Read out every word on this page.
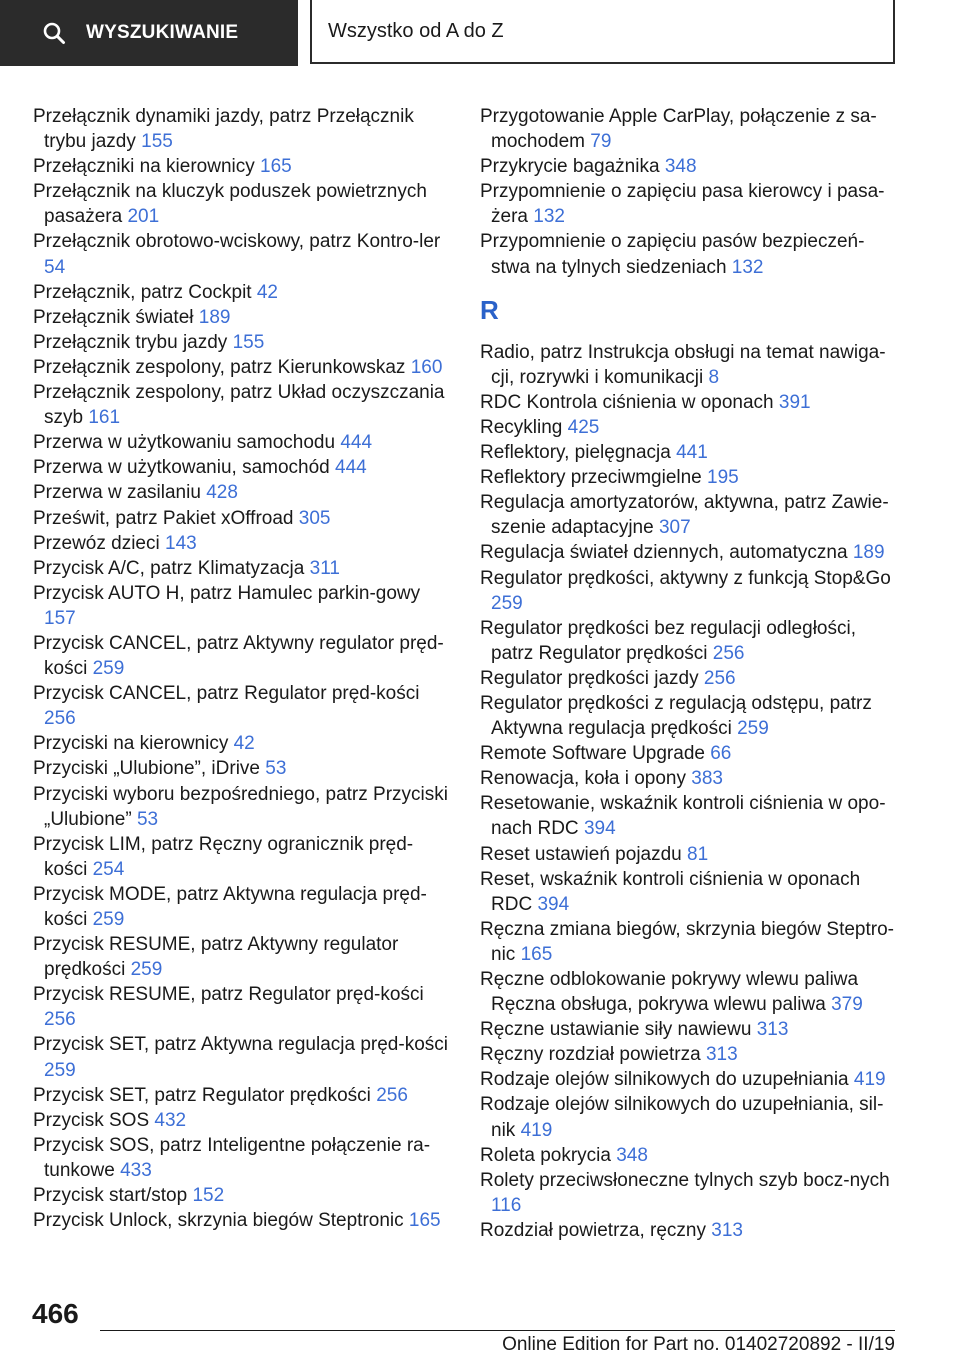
WYSZUKIWANIE	Wszystko od A do Z
Przełącznik dynamiki jazdy, patrz Przełącznik trybu jazdy 155
Przełączniki na kierownicy 165
Przełącznik na kluczyk poduszek powietrznych pasażera 201
Przełącznik obrotowo-wciskowy, patrz Kontro-ler 54
Przełącznik, patrz Cockpit 42
Przełącznik świateł 189
Przełącznik trybu jazdy 155
Przełącznik zespolony, patrz Kierunkowskaz 160
Przełącznik zespolony, patrz Układ oczyszczania szyb 161
Przerwa w użytkowaniu samochodu 444
Przerwa w użytkowaniu, samochód 444
Przerwa w zasilaniu 428
Prześwit, patrz Pakiet xOffroad 305
Przewóz dzieci 143
Przycisk A/C, patrz Klimatyzacja 311
Przycisk AUTO H, patrz Hamulec parkin-gowy 157
Przycisk CANCEL, patrz Aktywny regulator pręd-kości 259
Przycisk CANCEL, patrz Regulator pręd-kości 256
Przyciski na kierownicy 42
Przyciski „Ulubione”, iDrive 53
Przyciski wyboru bezpośredniego, patrz Przyciski „Ulubione” 53
Przycisk LIM, patrz Ręczny ogranicznik pręd-kości 254
Przycisk MODE, patrz Aktywna regulacja pręd-kości 259
Przycisk RESUME, patrz Aktywny regulator prędkości 259
Przycisk RESUME, patrz Regulator pręd-kości 256
Przycisk SET, patrz Aktywna regulacja pręd-kości 259
Przycisk SET, patrz Regulator prędkości 256
Przycisk SOS 432
Przycisk SOS, patrz Inteligentne połączenie ra-tunkowe 433
Przycisk start/stop 152
Przycisk Unlock, skrzynia biegów Steptronic 165
Przygotowanie Apple CarPlay, połączenie z sa-mochodem 79
Przykrycie bagażnika 348
Przypomnienie o zapięciu pasa kierowcy i pasa-żera 132
Przypomnienie o zapięciu pasów bezpieczeń-stwa na tylnych siedzeniach 132
R
Radio, patrz Instrukcja obsługi na temat nawiga-cji, rozrywki i komunikacji 8
RDC Kontrola ciśnienia w oponach 391
Recykling 425
Reflektory, pielęgnacja 441
Reflektory przeciwmgielne 195
Regulacja amortyzatorów, aktywna, patrz Zawie-szenie adaptacyjne 307
Regulacja świateł dziennych, automatyczna 189
Regulator prędkości, aktywny z funkcją Stop&Go 259
Regulator prędkości bez regulacji odległości, patrz Regulator prędkości 256
Regulator prędkości jazdy 256
Regulator prędkości z regulacją odstępu, patrz Aktywna regulacja prędkości 259
Remote Software Upgrade 66
Renowacja, koła i opony 383
Resetowanie, wskaźnik kontroli ciśnienia w opo-nach RDC 394
Reset ustawień pojazdu 81
Reset, wskaźnik kontroli ciśnienia w oponach RDC 394
Ręczna zmiana biegów, skrzynia biegów Steptro-nic 165
Ręczne odblokowanie pokrywy wlewu paliwa Ręczna obsługa, pokrywa wlewu paliwa 379
Ręczne ustawianie siły nawiewu 313
Ręczny rozdział powietrza 313
Rodzaje olejów silnikowych do uzupełniania 419
Rodzaje olejów silnikowych do uzupełniania, sil-nik 419
Roleta pokrycia 348
Rolety przeciwsłoneczne tylnych szyb bocz-nych 116
Rozdział powietrza, ręczny 313
466
Online Edition for Part no. 01402720892 - II/19
